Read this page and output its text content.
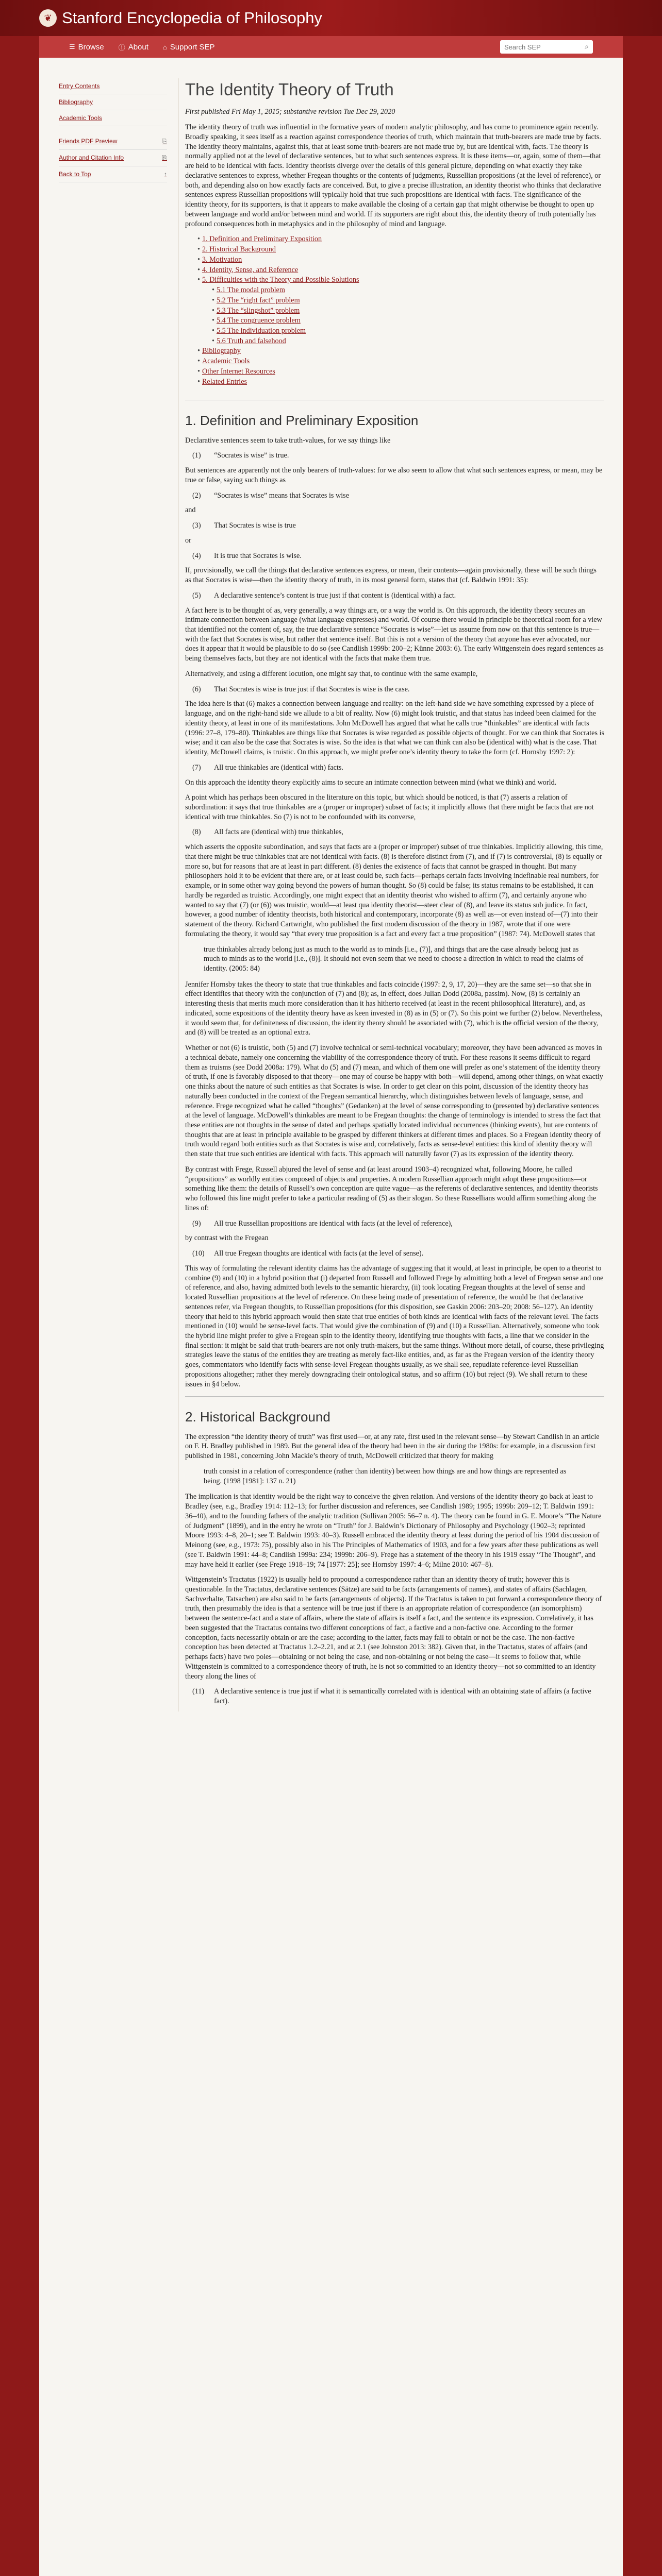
❦ Stanford Encyclopedia of Philosophy
☰ Browse ⓘ About ⌂ Support SEP
Search SEP	⌕
Entry Contents
Bibliography
Academic Tools
Friends PDF Preview	⎘
Author and Citation Info	⎘
Back to Top	↑
The Identity Theory of Truth
First published Fri May 1, 2015; substantive revision Tue Dec 29, 2020

The identity theory of truth was influential in the formative years of modern analytic philosophy, and has come to prominence again recently. Broadly speaking, it sees itself as a reaction against correspondence theories of truth, which maintain that truth-bearers are made true by facts. The identity theory maintains, against this, that at least some truth-bearers are not made true by, but are identical with, facts. The theory is normally applied not at the level of declarative sentences, but to what such sentences express. It is these items—or, again, some of them—that are held to be identical with facts. Identity theorists diverge over the details of this general picture, depending on what exactly they take declarative sentences to express, whether Fregean thoughts or the contents of judgments, Russellian propositions (at the level of reference), or both, and depending also on how exactly facts are conceived. But, to give a precise illustration, an identity theorist who thinks that declarative sentences express Russellian propositions will typically hold that true such propositions are identical with facts. The significance of the identity theory, for its supporters, is that it appears to make available the closing of a certain gap that might otherwise be thought to open up between language and world and/or between mind and world. If its supporters are right about this, the identity theory of truth potentially has profound consequences both in metaphysics and in the philosophy of mind and language.

• 1. Definition and Preliminary Exposition
• 2. Historical Background
• 3. Motivation
• 4. Identity, Sense, and Reference
• 5. Difficulties with the Theory and Possible Solutions
• 5.1 The modal problem
• 5.2 The “right fact” problem
• 5.3 The “slingshot” problem
• 5.4 The congruence problem
• 5.5 The individuation problem
• 5.6 Truth and falsehood
• Bibliography
• Academic Tools
• Other Internet Resources
• Related Entries
1. Definition and Preliminary Exposition

Declarative sentences seem to take truth-values, for we say things like

(1)	“Socrates is wise” is true.

But sentences are apparently not the only bearers of truth-values: for we also seem to allow that what such sentences express, or mean, may be true or false, saying such things as

(2)	“Socrates is wise” means that Socrates is wise

and

(3)	That Socrates is wise is true

or

(4)	It is true that Socrates is wise.

If, provisionally, we call the things that declarative sentences express, or mean, their contents—again provisionally, these will be such things as that Socrates is wise—then the identity theory of truth, in its most general form, states that (cf. Baldwin 1991: 35):

(5)	A declarative sentence’s content is true just if that content is (identical with) a fact.

A fact here is to be thought of as, very generally, a way things are, or a way the world is. On this approach, the identity theory secures an intimate connection between language (what language expresses) and world. Of course there would in principle be theoretical room for a view that identified not the content of, say, the true declarative sentence “Socrates is wise”—let us assume from now on that this sentence is true—with the fact that Socrates is wise, but rather that sentence itself. But this is not a version of the theory that anyone has ever advocated, nor does it appear that it would be plausible to do so (see Candlish 1999b: 200–2; Künne 2003: 6). The early Wittgenstein does regard sentences as being themselves facts, but they are not identical with the facts that make them true.

Alternatively, and using a different locution, one might say that, to continue with the same example,

(6)	That Socrates is wise is true just if that Socrates is wise is the case.

The idea here is that (6) makes a connection between language and reality: on the left-hand side we have something expressed by a piece of language, and on the right-hand side we allude to a bit of reality. Now (6) might look truistic, and that status has indeed been claimed for the identity theory, at least in one of its manifestations. John McDowell has argued that what he calls true “thinkables” are identical with facts (1996: 27–8, 179–80). Thinkables are things like that Socrates is wise regarded as possible objects of thought. For we can think that Socrates is wise; and it can also be the case that Socrates is wise. So the idea is that what we can think can also be (identical with) what is the case. That identity, McDowell claims, is truistic. On this approach, we might prefer one’s identity theory to take the form (cf. Hornsby 1997: 2):

(7)	All true thinkables are (identical with) facts.

On this approach the identity theory explicitly aims to secure an intimate connection between mind (what we think) and world.

A point which has perhaps been obscured in the literature on this topic, but which should be noticed, is that (7) asserts a relation of subordination: it says that true thinkables are a (proper or improper) subset of facts; it implicitly allows that there might be facts that are not identical with true thinkables. So (7) is not to be confounded with its converse,

(8)	All facts are (identical with) true thinkables,

which asserts the opposite subordination, and says that facts are a (proper or improper) subset of true thinkables. Implicitly allowing, this time, that there might be true thinkables that are not identical with facts. (8) is therefore distinct from (7), and if (7) is controversial, (8) is equally or more so, but for reasons that are at least in part different. (8) denies the existence of facts that cannot be grasped in thought. But many philosophers hold it to be evident that there are, or at least could be, such facts—perhaps certain facts involving indefinable real numbers, for example, or in some other way going beyond the powers of human thought. So (8) could be false; its status remains to be established, it can hardly be regarded as truistic. Accordingly, one might expect that an identity theorist who wished to affirm (7), and certainly anyone who wanted to say that (7) (or (6)) was truistic, would—at least qua identity theorist—steer clear of (8), and leave its status sub judice. In fact, however, a good number of identity theorists, both historical and contemporary, incorporate (8) as well as—or even instead of—(7) into their statement of the theory. Richard Cartwright, who published the first modern discussion of the theory in 1987, wrote that if one were formulating the theory, it would say “that every true proposition is a fact and every fact a true proposition” (1987: 74). McDowell states that

true thinkables already belong just as much to the world as to minds [i.e., (7)], and things that are the case already belong just as much to minds as to the world [i.e., (8)]. It should not even seem that we need to choose a direction in which to read the claims of identity. (2005: 84)

Jennifer Hornsby takes the theory to state that true thinkables and facts coincide (1997: 2, 9, 17, 20)—they are the same set—so that she in effect identifies that theory with the conjunction of (7) and (8); as, in effect, does Julian Dodd (2008a, passim). Now, (8) is certainly an interesting thesis that merits much more consideration than it has hitherto received (at least in the recent philosophical literature), and, as indicated, some expositions of the identity theory have as keen invested in (8) as in (5) or (7). So this point we further (2) below. Nevertheless, it would seem that, for definiteness of discussion, the identity theory should be associated with (7), which is the official version of the theory, and (8) will be treated as an optional extra.

Whether or not (6) is truistic, both (5) and (7) involve technical or semi-technical vocabulary; moreover, they have been advanced as moves in a technical debate, namely one concerning the viability of the correspondence theory of truth. For these reasons it seems difficult to regard them as truisms (see Dodd 2008a: 179). What do (5) and (7) mean, and which of them one will prefer as one’s statement of the identity theory of truth, if one is favorably disposed to that theory—one may of course be happy with both—will depend, among other things, on what exactly one thinks about the nature of such entities as that Socrates is wise. In order to get clear on this point, discussion of the identity theory has naturally been conducted in the context of the Fregean semantical hierarchy, which distinguishes between levels of language, sense, and reference. Frege recognized what he called “thoughts” (Gedanken) at the level of sense corresponding to (presented by) declarative sentences at the level of language. McDowell’s thinkables are meant to be Fregean thoughts: the change of terminology is intended to stress the fact that these entities are not thoughts in the sense of dated and perhaps spatially located individual occurrences (thinking events), but are contents of thoughts that are at least in principle available to be grasped by different thinkers at different times and places. So a Fregean identity theory of truth would regard both entities such as that Socrates is wise and, correlatively, facts as sense-level entities: this kind of identity theory will then state that true such entities are identical with facts. This approach will naturally favor (7) as its expression of the identity theory.

By contrast with Frege, Russell abjured the level of sense and (at least around 1903–4) recognized what, following Moore, he called “propositions” as worldly entities composed of objects and properties. A modern Russellian approach might adopt these propositions—or something like them: the details of Russell’s own conception are quite vague—as the referents of declarative sentences, and identity theorists who followed this line might prefer to take a particular reading of (5) as their slogan. So these Russellians would affirm something along the lines of:

(9)	All true Russellian propositions are identical with facts (at the level of reference),

by contrast with the Fregean

(10)	All true Fregean thoughts are identical with facts (at the level of sense).

This way of formulating the relevant identity claims has the advantage of suggesting that it would, at least in principle, be open to a theorist to combine (9) and (10) in a hybrid position that (i) departed from Russell and followed Frege by admitting both a level of Fregean sense and one of reference, and also, having admitted both levels to the semantic hierarchy, (ii) took locating Fregean thoughts at the level of sense and located Russellian propositions at the level of reference. On these being made of presentation of reference, the would be that declarative sentences refer, via Fregean thoughts, to Russellian propositions (for this disposition, see Gaskin 2006: 203–20; 2008: 56–127). An identity theory that held to this hybrid approach would then state that true entities of both kinds are identical with facts of the relevant level. The facts mentioned in (10) would be sense-level facts. That would give the combination of (9) and (10) a Russellian. Alternatively, someone who took the hybrid line might prefer to give a Fregean spin to the identity theory, identifying true thoughts with facts, a line that we consider in the final section: it might be said that truth-bearers are not only truth-makers, but the same things. Without more detail, of course, these privileging strategies leave the status of the entities they are treating as merely fact-like entities, and, as far as the Fregean version of the identity theory goes, commentators who identify facts with sense-level Fregean thoughts usually, as we shall see, repudiate reference-level Russellian propositions altogether; rather they merely downgrading their ontological status, and so affirm (10) but reject (9). We shall return to these issues in §4 below.

2. Historical Background

The expression “the identity theory of truth” was first used—or, at any rate, first used in the relevant sense—by Stewart Candlish in an article on F. H. Bradley published in 1989. But the general idea of the theory had been in the air during the 1980s: for example, in a discussion first published in 1981, concerning John Mackie’s theory of truth, McDowell criticized that theory for making

truth consist in a relation of correspondence (rather than identity) between how things are and how things are represented as being. (1998 [1981]: 137 n. 21)

The implication is that identity would be the right way to conceive the given relation. And versions of the identity theory go back at least to Bradley (see, e.g., Bradley 1914: 112–13; for further discussion and references, see Candlish 1989; 1995; 1999b: 209–12; T. Baldwin 1991: 36–40), and to the founding fathers of the analytic tradition (Sullivan 2005: 56–7 n. 4). The theory can be found in G. E. Moore’s “The Nature of Judgment” (1899), and in the entry he wrote on “Truth” for J. Baldwin’s Dictionary of Philosophy and Psychology (1902–3; reprinted Moore 1993: 4–8, 20–1; see T. Baldwin 1993: 40–3). Russell embraced the identity theory at least during the period of his 1904 discussion of Meinong (see, e.g., 1973: 75), possibly also in his The Principles of Mathematics of 1903, and for a few years after these publications as well (see T. Baldwin 1991: 44–8; Candlish 1999a: 234; 1999b: 206–9). Frege has a statement of the theory in his 1919 essay “The Thought”, and may have held it earlier (see Frege 1918–19; 74 [1977: 25]; see Hornsby 1997: 4–6; Milne 2010: 467–8).

Wittgenstein’s Tractatus (1922) is usually held to propound a correspondence rather than an identity theory of truth; however this is questionable. In the Tractatus, declarative sentences (Sätze) are said to be facts (arrangements of names), and states of affairs (Sachlagen, Sachverhalte, Tatsachen) are also said to be facts (arrangements of objects). If the Tractatus is taken to put forward a correspondence theory of truth, then presumably the idea is that a sentence will be true just if there is an appropriate relation of correspondence (an isomorphism) between the sentence-fact and a state of affairs, where the state of affairs is itself a fact, and the sentence its expression. Correlatively, it has been suggested that the Tractatus contains two different conceptions of fact, a factive and a non-factive one. According to the former conception, facts necessarily obtain or are the case; according to the latter, facts may fail to obtain or not be the case. The non-factive conception has been detected at Tractatus 1.2–2.21, and at 2.1 (see Johnston 2013: 382). Given that, in the Tractatus, states of affairs (and perhaps facts) have two poles—obtaining or not being the case, and non-obtaining or not being the case—it seems to follow that, while Wittgenstein is committed to a correspondence theory of truth, he is not so committed to an identity theory—not so committed to an identity theory along the lines of

(11)	A declarative sentence is true just if what it is semantically correlated with is identical with an obtaining state of affairs (a factive fact).
